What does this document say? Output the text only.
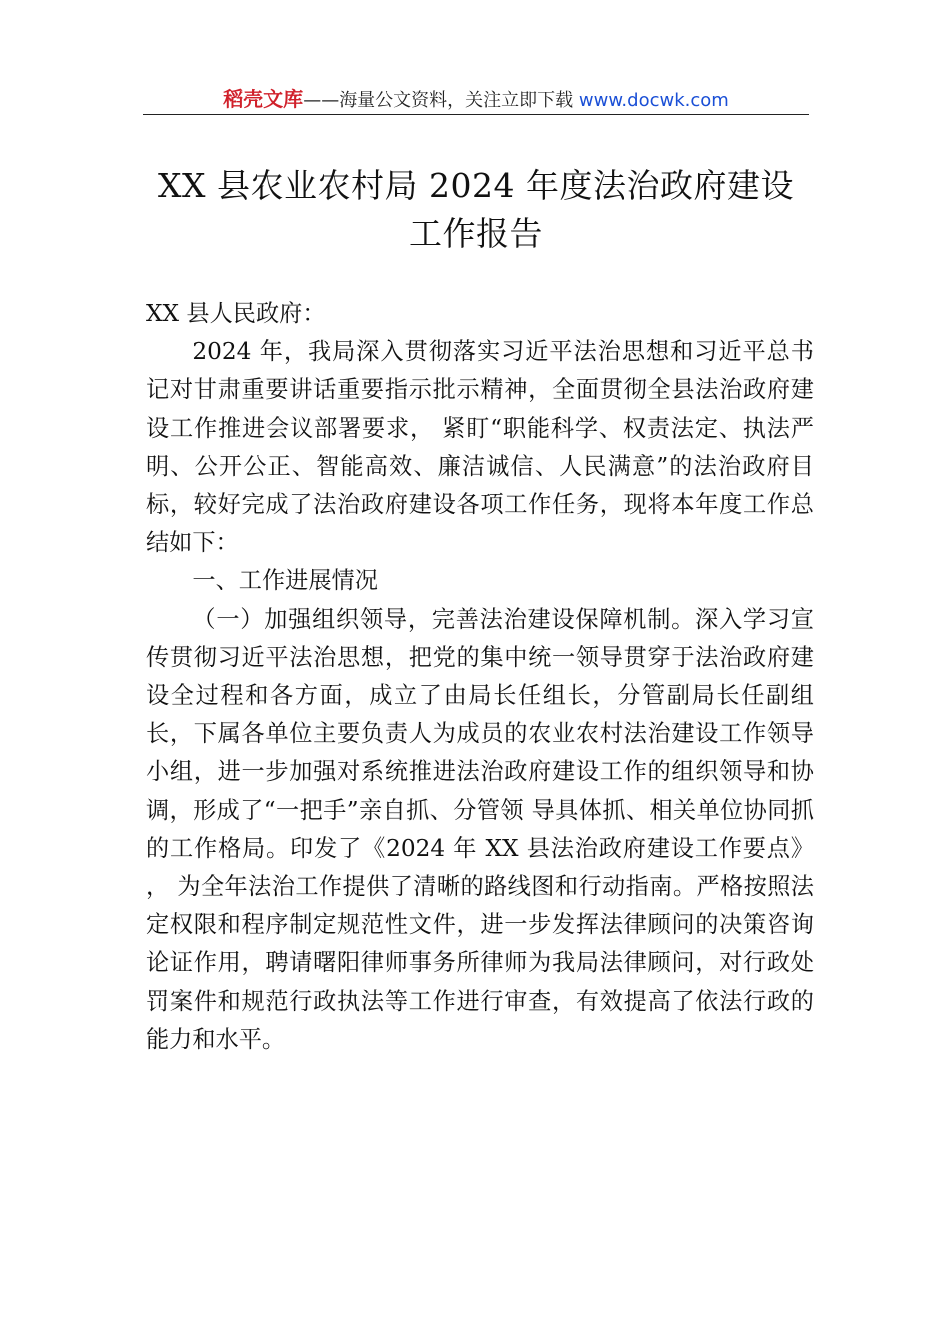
稻壳文库——海量公文资料，关注立即下载 www.docwk.com
XX 县农业农村局 2024 年度法治政府建设
工作报告

XX 县人民政府：

2024 年，我局深入贯彻落实习近平法治思想和习近平总书记对甘肃重要讲话重要指示批示精神，全面贯彻全县法治政府建设工作推进会议部署要求， 紧盯“职能科学、权责法定、执法严明、公开公正、智能高效、廉洁诚信、人民满意”的法治政府目标，较好完成了法治政府建设各项工作任务，现将本年度工作总结如下：

一、工作进展情况

（一）加强组织领导，完善法治建设保障机制。深入学习宣传贯彻习近平法治思想，把党的集中统一领导贯穿于法治政府建设全过程和各方面，成立了由局长任组长，分管副局长任副组长，下属各单位主要负责人为成员的农业农村法治建设工作领导小组，进一步加强对系统推进法治政府建设工作的组织领导和协调，形成了“一把手”亲自抓、分管领 导具体抓、相关单位协同抓的工作格局。印发了《2024 年 XX 县法治政府建设工作要点》 ， 为全年法治工作提供了清晰的路线图和行动指南。严格按照法定权限和程序制定规范性文件，进一步发挥法律顾问的决策咨询论证作用，聘请曙阳律师事务所律师为我局法律顾问，对行政处罚案件和规范行政执法等工作进行审查，有效提高了依法行政的能力和水平。
